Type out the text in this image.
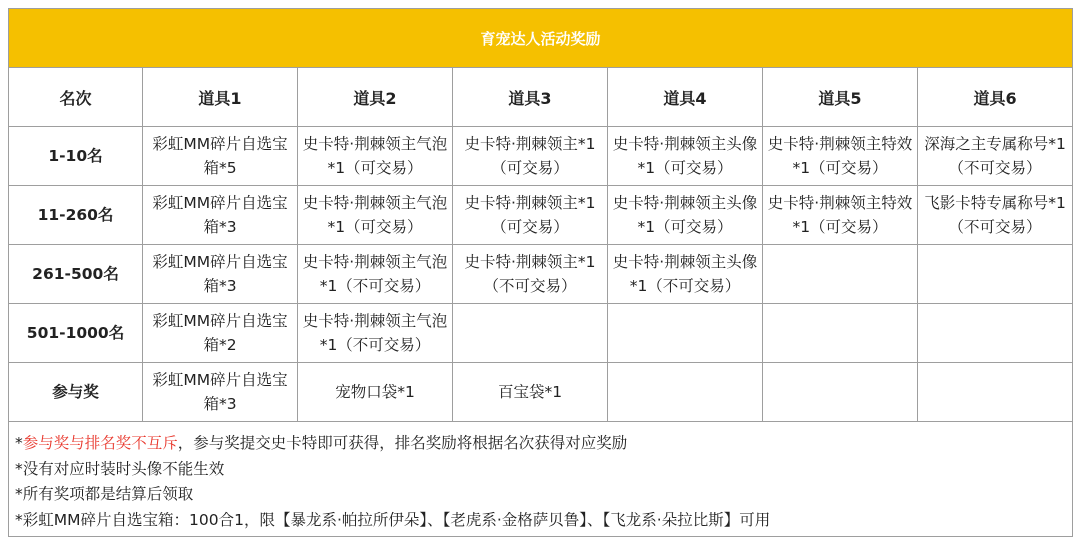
育宠达人活动奖励						
名次	道具1	道具2	道具3	道具4	道具5	道具6
1-10名	彩虹MM碎片自选宝箱*5	史卡特·荆棘领主气泡*1（可交易）	史卡特·荆棘领主*1（可交易）	史卡特·荆棘领主头像*1（可交易）	史卡特·荆棘领主特效*1（可交易）	深海之主专属称号*1（不可交易）
11-260名	彩虹MM碎片自选宝箱*3	史卡特·荆棘领主气泡*1（可交易）	史卡特·荆棘领主*1（可交易）	史卡特·荆棘领主头像*1（可交易）	史卡特·荆棘领主特效*1（可交易）	飞影卡特专属称号*1（不可交易）
261-500名	彩虹MM碎片自选宝箱*3	史卡特·荆棘领主气泡*1（不可交易）	史卡特·荆棘领主*1（不可交易）	史卡特·荆棘领主头像*1（不可交易）		
501-1000名	彩虹MM碎片自选宝箱*2	史卡特·荆棘领主气泡*1（不可交易）				
参与奖	彩虹MM碎片自选宝箱*3	宠物口袋*1	百宝袋*1			

*参与奖与排名奖不互斥，参与奖提交史卡特即可获得，排名奖励将根据名次获得对应奖励
*没有对应时装时头像不能生效
*所有奖项都是结算后领取
*彩虹MM碎片自选宝箱：100合1，限【暴龙系·帕拉所伊朵】、【老虎系·金格萨贝鲁】、【飞龙系·朵拉比斯】可用						
